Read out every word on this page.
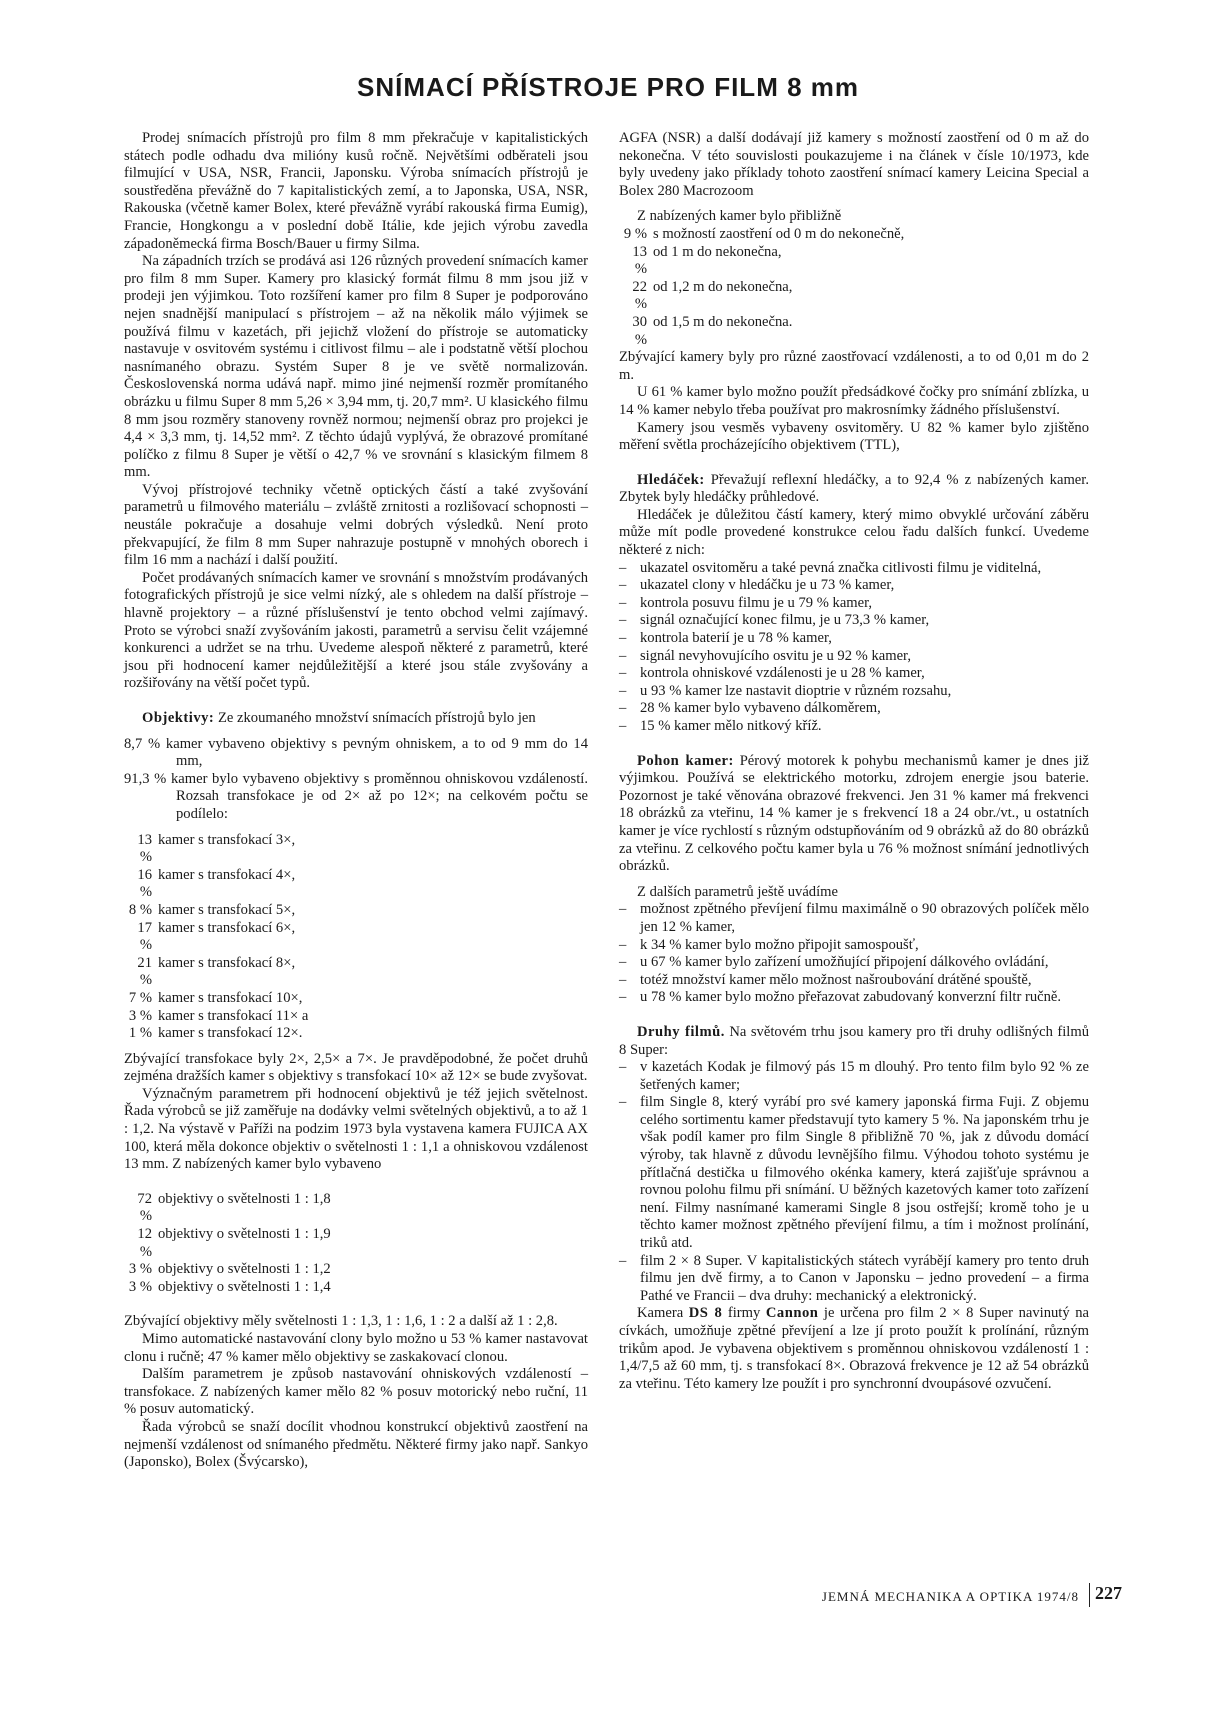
SNÍMACÍ PŘÍSTROJE PRO FILM 8 mm

Prodej snímacích přístrojů pro film 8 mm překračuje v kapitalistických státech podle odhadu dva milióny kusů ročně. Největšími odběrateli jsou filmující v USA, NSR, Francii, Japonsku. Výroba snímacích přístrojů je soustředěna převážně do 7 kapitalistických zemí, a to Japonska, USA, NSR, Rakouska (včetně kamer Bolex, které převážně vyrábí rakouská firma Eumig), Francie, Hongkongu a v poslední době Itálie, kde jejich výrobu zavedla západoněmecká firma Bosch/Bauer u firmy Silma.

Na západních trzích se prodává asi 126 různých provedení snímacích kamer pro film 8 mm Super. Kamery pro klasický formát filmu 8 mm jsou již v prodeji jen výjimkou. Toto rozšíření kamer pro film 8 Super je podporováno nejen snadnější manipulací s přístrojem – až na několik málo výjimek se používá filmu v kazetách, při jejichž vložení do přístroje se automaticky nastavuje v osvitovém systému i citlivost filmu – ale i podstatně větší plochou nasnímaného obrazu. Systém Super 8 je ve světě normalizován. Československá norma udává např. mimo jiné nejmenší rozměr promítaného obrázku u filmu Super 8 mm 5,26 × 3,94 mm, tj. 20,7 mm². U klasického filmu 8 mm jsou rozměry stanoveny rovněž normou; nejmenší obraz pro projekci je 4,4 × 3,3 mm, tj. 14,52 mm². Z těchto údajů vyplývá, že obrazové promítané políčko z filmu 8 Super je větší o 42,7 % ve srovnání s klasickým filmem 8 mm.

Vývoj přístrojové techniky včetně optických částí a také zvyšování parametrů u filmového materiálu – zvláště zrnitosti a rozlišovací schopnosti – neustále pokračuje a dosahuje velmi dobrých výsledků. Není proto překvapující, že film 8 mm Super nahrazuje postupně v mnohých oborech i film 16 mm a nachází i další použití.

Počet prodávaných snímacích kamer ve srovnání s množstvím prodávaných fotografických přístrojů je sice velmi nízký, ale s ohledem na další přístroje – hlavně projektory – a různé příslušenství je tento obchod velmi zajímavý. Proto se výrobci snaží zvyšováním jakosti, parametrů a servisu čelit vzájemné konkurenci a udržet se na trhu. Uvedeme alespoň některé z parametrů, které jsou při hodnocení kamer nejdůležitější a které jsou stále zvyšovány a rozšiřovány na větší počet typů.

Objektivy: Ze zkoumaného množství snímacích přístrojů bylo jen

8,7 % kamer vybaveno objektivy s pevným ohniskem, a to od 9 mm do 14 mm,

91,3 % kamer bylo vybaveno objektivy s proměnnou ohniskovou vzdáleností. Rozsah transfokace je od 2× až po 12×; na celkovém počtu se podílelo:

13 %
kamer s transfokací 3×,
16 %
kamer s transfokací 4×,
8 % kamer s transfokací 5×,
17 %
kamer s transfokací 6×,
21 %
kamer s transfokací 8×,
7 % kamer s transfokací 10×,
3 % kamer s transfokací 11× a
1 % kamer s transfokací 12×.

Zbývající transfokace byly 2×, 2,5× a 7×. Je pravděpodobné, že počet druhů zejména dražších kamer s objektivy s transfokací 10× až 12× se bude zvyšovat.

Význačným parametrem při hodnocení objektivů je též jejich světelnost. Řada výrobců se již zaměřuje na dodávky velmi světelných objektivů, a to až 1 : 1,2. Na výstavě v Paříži na podzim 1973 byla vystavena kamera FUJICA AX 100, která měla dokonce objektiv o světelnosti 1 : 1,1 a ohniskovou vzdálenost 13 mm. Z nabízených kamer bylo vybaveno

72 %
objektivy o světelnosti 1 : 1,8
12 %
objektivy o světelnosti 1 : 1,9
3 % objektivy o světelnosti 1 : 1,2
3 % objektivy o světelnosti 1 : 1,4

Zbývající objektivy měly světelnosti 1 : 1,3, 1 : 1,6, 1 : 2 a další až 1 : 2,8.

Mimo automatické nastavování clony bylo možno u 53 % kamer nastavovat clonu i ručně; 47 % kamer mělo objektivy se zaskakovací clonou.

Dalším parametrem je způsob nastavování ohniskových vzdáleností – transfokace. Z nabízených kamer mělo 82 % posuv motorický nebo ruční, 11 % posuv automatický.

Řada výrobců se snaží docílit vhodnou konstrukcí objektivů zaostření na nejmenší vzdálenost od snímaného předmětu. Některé firmy jako např. Sankyo (Japonsko), Bolex (Švýcarsko),

AGFA (NSR) a další dodávají již kamery s možností zaostření od 0 m až do nekonečna. V této souvislosti poukazujeme i na článek v čísle 10/1973, kde byly uvedeny jako příklady tohoto zaostření snímací kamery Leicina Special a Bolex 280 Macrozoom

Z nabízených kamer bylo přibližně

9 % s možností zaostření od 0 m do nekonečně,
13 %
od 1 m do nekonečna,
22 %
od 1,2 m do nekonečna,
30 %
od 1,5 m do nekonečna.

Zbývající kamery byly pro různé zaostřovací vzdálenosti, a to od 0,01 m do 2 m.

U 61 % kamer bylo možno použít předsádkové čočky pro snímání zblízka, u 14 % kamer nebylo třeba používat pro makrosnímky žádného příslušenství.

Kamery jsou vesměs vybaveny osvitoměry. U 82 % kamer bylo zjištěno měření světla procházejícího objektivem (TTL),

Hledáček: Převažují reflexní hledáčky, a to 92,4 % z nabízených kamer. Zbytek byly hledáčky průhledové.

Hledáček je důležitou částí kamery, který mimo obvyklé určování záběru může mít podle provedené konstrukce celou řadu dalších funkcí. Uvedeme některé z nich:

– ukazatel osvitoměru a také pevná značka citlivosti filmu je viditelná,
– ukazatel clony v hledáčku je u 73 % kamer,
– kontrola posuvu filmu je u 79 % kamer,
– signál označující konec filmu, je u 73,3 % kamer,
– kontrola baterií je u 78 % kamer,
– signál nevyhovujícího osvitu je u 92 % kamer,
– kontrola ohniskové vzdálenosti je u 28 % kamer,
– u 93 % kamer lze nastavit dioptrie v různém rozsahu,
– 28 % kamer bylo vybaveno dálkoměrem,
– 15 % kamer mělo nitkový kříž.

Pohon kamer: Pérový motorek k pohybu mechanismů kamer je dnes již výjimkou. Používá se elektrického motorku, zdrojem energie jsou baterie. Pozornost je také věnována obrazové frekvenci. Jen 31 % kamer má frekvenci 18 obrázků za vteřinu, 14 % kamer je s frekvencí 18 a 24 obr./vt., u ostatních kamer je více rychlostí s různým odstupňováním od 9 obrázků až do 80 obrázků za vteřinu. Z celkového počtu kamer byla u 76 % možnost snímání jednotlivých obrázků.

Z dalších parametrů ještě uvádíme

– možnost zpětného převíjení filmu maximálně o 90 obrazových políček mělo jen 12 % kamer,
– k 34 % kamer bylo možno připojit samospoušť,
– u 67 % kamer bylo zařízení umožňující připojení dálkového ovládání,
– totéž množství kamer mělo možnost našroubování drátěné spouště,
– u 78 % kamer bylo možno přeřazovat zabudovaný konverzní filtr ručně.

Druhy filmů. Na světovém trhu jsou kamery pro tři druhy odlišných filmů 8 Super:

– v kazetách Kodak je filmový pás 15 m dlouhý. Pro tento film bylo 92 % ze šetřených kamer;
– film Single 8, který vyrábí pro své kamery japonská firma Fuji. Z objemu celého sortimentu kamer představují tyto kamery 5 %. Na japonském trhu je však podíl kamer pro film Single 8 přibližně 70 %, jak z důvodu domácí výroby, tak hlavně z důvodu levnějšího filmu. Výhodou tohoto systému je přítlačná destička u filmového okénka kamery, která zajišťuje správnou a rovnou polohu filmu při snímání. U běžných kazetových kamer toto zařízení není. Filmy nasnímané kamerami Single 8 jsou ostřejší; kromě toho je u těchto kamer možnost zpětného převíjení filmu, a tím i možnost prolínání, triků atd.
– film 2 × 8 Super. V kapitalistických státech vyrábějí kamery pro tento druh filmu jen dvě firmy, a to Canon v Japonsku – jedno provedení – a firma Pathé ve Francii – dva druhy: mechanický a elektronický.

Kamera DS 8 firmy Cannon je určena pro film 2 × 8 Super navinutý na cívkách, umožňuje zpětné převíjení a lze jí proto použít k prolínání, různým trikům apod. Je vybavena objektivem s proměnnou ohniskovou vzdáleností 1 : 1,4/7,5 až 60 mm, tj. s transfokací 8×. Obrazová frekvence je 12 až 54 obrázků za vteřinu. Této kamery lze použít i pro synchronní dvoupásové ozvučení.

JEMNÁ MECHANIKA A OPTIKA 1974/8 227
